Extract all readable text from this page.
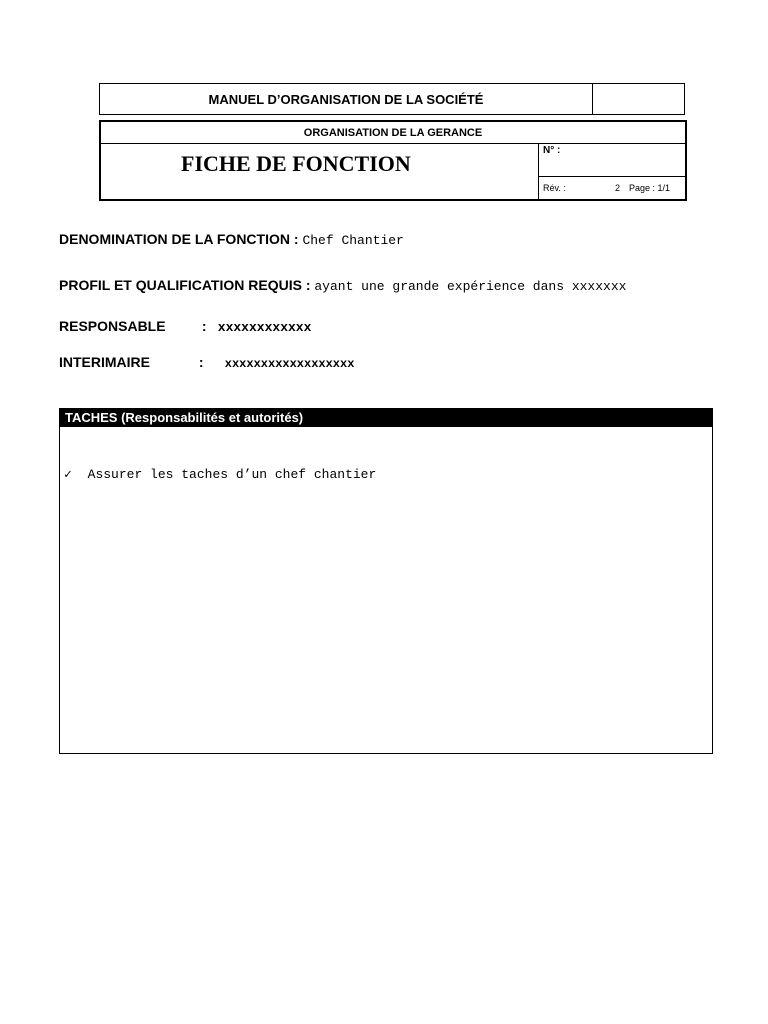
MANUEL D’ORGANISATION DE LA SOCIÉTÉ
ORGANISATION DE LA GERANCE
FICHE DE FONCTION	N° :
Rév. :	2 Page : 1/1
DENOMINATION DE LA FONCTION : Chef Chantier
PROFIL ET QUALIFICATION REQUIS : ayant une grande expérience dans xxxxxxx
RESPONSABLE	: xxxxxxxxxxxx
INTERIMAIRE	: xxxxxxxxxxxxxxxxxx
TACHES (Responsabilités et autorités)
✓ Assurer les taches d’un chef chantier
